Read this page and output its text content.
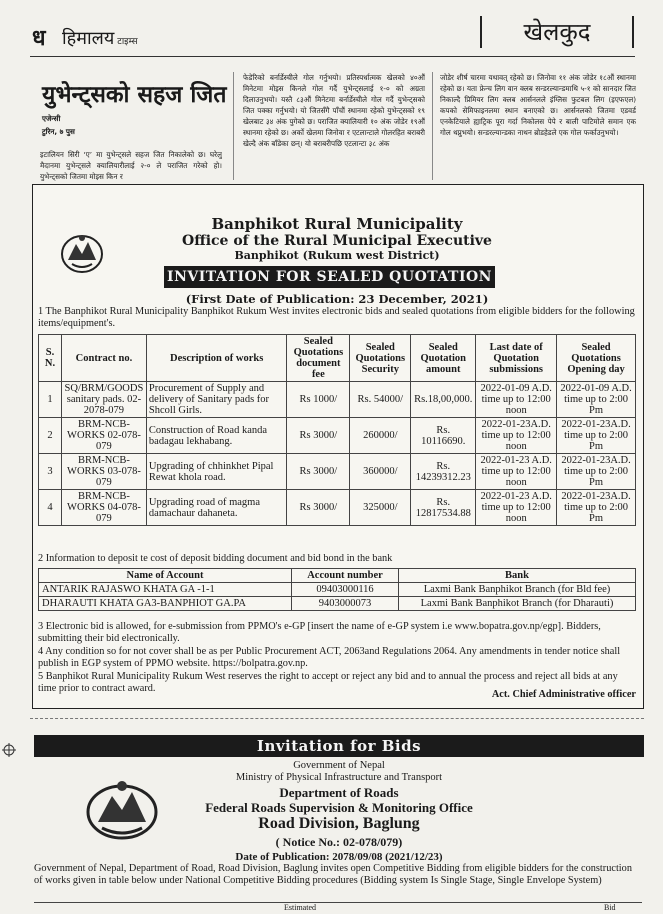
ध हिमालय टाइम्स	खेलकुद
युभेन्ट्सको सहज जित
एजेन्सी
टुरिन, ७ पुस
इटालियन सिरी ‘ए’ मा युभेन्ट्सले सहज जित निकालेको छ। घरेलु मैदानमा युभेन्ट्सले क्यालियारीलाई २-० ले पराजित गरेको हो। युभेन्ट्सको जितमा मोइस किन र
फेडेरिको बर्नार्डेस्चीले गोल गर्नुभयो। प्रतिस्पर्धात्मक खेलको ४०औं मिनेटमा मोइस किनले गोल गर्दै युभेन्ट्सलाई १-० को अग्रता दिलाउनुभयो। यस्तै ८३औं मिनेटमा बर्नार्डेस्चीले गोल गर्दै युभेन्ट्सको जित पक्का गर्नुभयो। यो जितसँगै पाँचौं स्थानमा रहेको युभेन्ट्सको १९ खेलबाट ३४ अंक पुगेको छ। पराजित क्यालियारी १० अंक जोडेर १९औं स्थानमा रहेको छ। अर्को खेलमा जिनोवा र एटलान्टाले गोलरहित बराबरी खेल्दै अंक बाँडेका छन्। यो बराबरीपछि एटलान्टा ३८ अंक
जोडेर शीर्ष चारमा यथावत् रहेको छ। जिनोवा ११ अंक जोडेर १८औं स्थानमा रहेको छ। यता फ्रेन्च लिग वान क्लब सन्डरल्यान्डमाथि ५-१ को सानदार जित निकाल्दै प्रिमियर लिग क्लब आर्सनलले इंग्लिस फुटबल लिग (इएफएल) कपको सेमिफाइनलमा स्थान बनाएको छ। आर्सनलको जितमा एडवर्ड एनकेटियाले ह्याट्रिक पूरा गर्दा निकोलस पेपे र बाली पाटिमोले समान एक गोल थप्नुभयो। सन्डरल्यान्डका नाथन ब्रोडहेडले एक गोल फर्काउनुभयो।
Banphikot Rural Municipality
Office of the Rural Municipal Executive
Banphikot (Rukum west District)
INVITATION FOR SEALED QUOTATION
(First Date of Publication: 23 December, 2021)
1 The Banphikot Rural Municipality Banphikot Rukum West invites electronic bids and sealed quotations from eligible bidders for the following items/equipment's.
S. N.	Contract no.	Description of works	Sealed Quotations document fee	Sealed Quotations Security	Sealed Quotation amount	Last date of Quotation submissions	Sealed Quotations Opening day
1	SQ/BRM/GOODS sanitary pads. 02-2078-079	Procurement of Supply and delivery of Sanitary pads for Shcoll Girls.	Rs 1000/	Rs. 54000/	Rs.18,00,000.	2022-01-09 A.D. time up to 12:00 noon	2022-01-09 A.D. time up to 2:00 Pm
2	BRM-NCB-WORKS 02-078-079	Construction of Road kanda badagau lekhabang.	Rs 3000/	260000/	Rs. 10116690.	2022-01-23A.D. time up to 12:00 noon	2022-01-23A.D. time up to 2:00 Pm
3	BRM-NCB-WORKS 03-078-079	Upgrading of chhinkhet Pipal Rewat khola road.	Rs 3000/	360000/	Rs. 14239312.23	2022-01-23 A.D. time up to 12:00 noon	2022-01-23A.D. time up to 2:00 Pm
4	BRM-NCB-WORKS 04-078-079	Upgrading road of magma damachaur dahaneta.	Rs 3000/	325000/	Rs. 12817534.88	2022-01-23 A.D. time up to 12:00 noon	2022-01-23A.D. time up to 2:00 Pm
2 Information to deposit te cost of deposit bidding document and bid bond in the bank
Name of Account	Account number	Bank
ANTARIK RAJASWO KHATA GA -1-1	09403000116	Laxmi Bank Banphikot Branch (for Bld fee)
DHARAUTI KHATA GA3-BANPHIOT GA.PA	9403000073	Laxmi Bank Banphikot Branch (for Dharauti)
3 Electronic bid is allowed, for e-submission from PPMO's e-GP [insert the name of e-GP system i.e www.bopatra.gov.np/egp]. Bidders, submitting their bid electronically.
4 Any condition so for not cover shall be as per Public Procurement ACT, 2063and Regulations 2064. Any amendments in tender notice shall publish in EGP system of PPMO website. https://bolpatra.gov.np.
5 Banphikot Rural Municipality Rukum West reserves the right to accept or reject any bid and to annual the process and reject all bids at any time prior to contract award.
Act. Chief Administrative officer
Invitation for Bids
Government of Nepal
Ministry of Physical Infrastructure and Transport
Department of Roads
Federal Roads Supervision & Monitoring Office
Road Division, Baglung
( Notice No.: 02-078/079)
Date of Publication: 2078/09/08 (2021/12/23)
Government of Nepal, Department of Road, Road Division, Baglung invites open Competitive Bidding from eligible bidders for the construction of works given in table below under National Competitive Bidding procedures (Bidding system Is Single Stage, Single Envelope System)
Estimated	Bid
